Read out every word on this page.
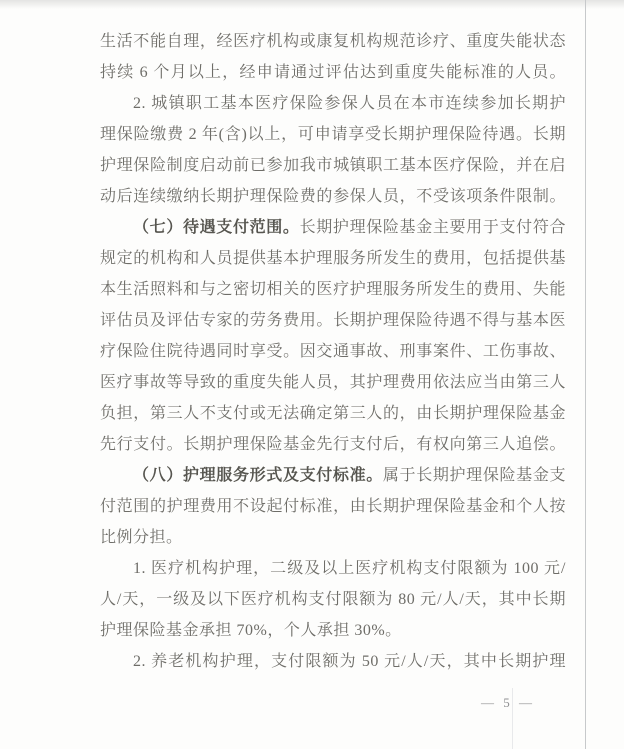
生活不能自理，经医疗机构或康复机构规范诊疗、重度失能状态
持续 6 个月以上，经申请通过评估达到重度失能标准的人员。
2. 城镇职工基本医疗保险参保人员在本市连续参加长期护
理保险缴费 2 年(含)以上，可申请享受长期护理保险待遇。长期
护理保险制度启动前已参加我市城镇职工基本医疗保险，并在启
动后连续缴纳长期护理保险费的参保人员，不受该项条件限制。
（七）待遇支付范围。长期护理保险基金主要用于支付符合
规定的机构和人员提供基本护理服务所发生的费用，包括提供基
本生活照料和与之密切相关的医疗护理服务所发生的费用、失能
评估员及评估专家的劳务费用。长期护理保险待遇不得与基本医
疗保险住院待遇同时享受。因交通事故、刑事案件、工伤事故、
医疗事故等导致的重度失能人员，其护理费用依法应当由第三人
负担，第三人不支付或无法确定第三人的，由长期护理保险基金
先行支付。长期护理保险基金先行支付后，有权向第三人追偿。
（八）护理服务形式及支付标准。属于长期护理保险基金支
付范围的护理费用不设起付标准，由长期护理保险基金和个人按
比例分担。
1. 医疗机构护理，二级及以上医疗机构支付限额为 100 元/
人/天，一级及以下医疗机构支付限额为 80 元/人/天，其中长期
护理保险基金承担 70%，个人承担 30%。
2. 养老机构护理，支付限额为 50 元/人/天，其中长期护理
— 5 —
